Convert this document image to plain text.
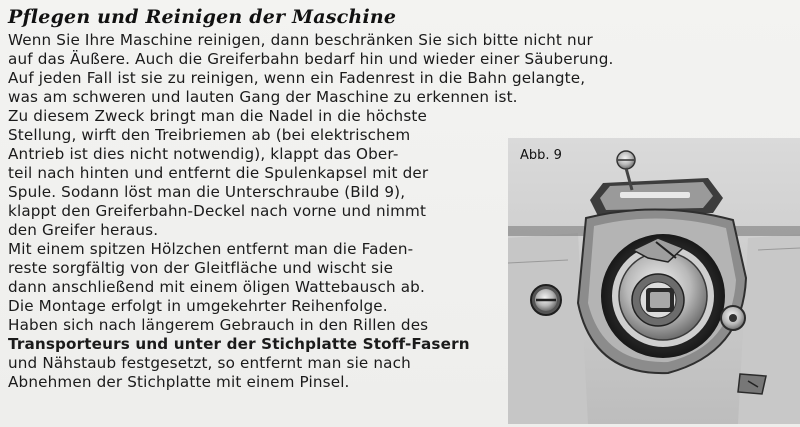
Pflegen und Reinigen der Maschine
Wenn Sie Ihre Maschine reinigen, dann beschränken Sie sich bitte nicht nur
auf das Äußere. Auch die Greiferbahn bedarf hin und wieder einer Säuberung.
Auf jeden Fall ist sie zu reinigen, wenn ein Fadenrest in die Bahn gelangte,
was am schweren und lauten Gang der Maschine zu erkennen ist.
Zu diesem Zweck bringt man die Nadel in die höchste
Stellung, wirft den Treibriemen ab (bei elektrischem
Antrieb ist dies nicht notwendig), klappt das Ober-
teil nach hinten und entfernt die Spulenkapsel mit der
Spule. Sodann löst man die Unterschraube (Bild 9),
klappt den Greiferbahn-Deckel nach vorne und nimmt
den Greifer heraus.
Mit einem spitzen Hölzchen entfernt man die Faden-
reste sorgfältig von der Gleitfläche und wischt sie
dann anschließend mit einem öligen Wattebausch ab.
Die Montage erfolgt in umgekehrter Reihenfolge.
Haben sich nach längerem Gebrauch in den Rillen des
Transporteurs und unter der Stichplatte Stoff-Fasern
und Nähstaub festgesetzt, so entfernt man sie nach
Abnehmen der Stichplatte mit einem Pinsel.
Abb. 9
